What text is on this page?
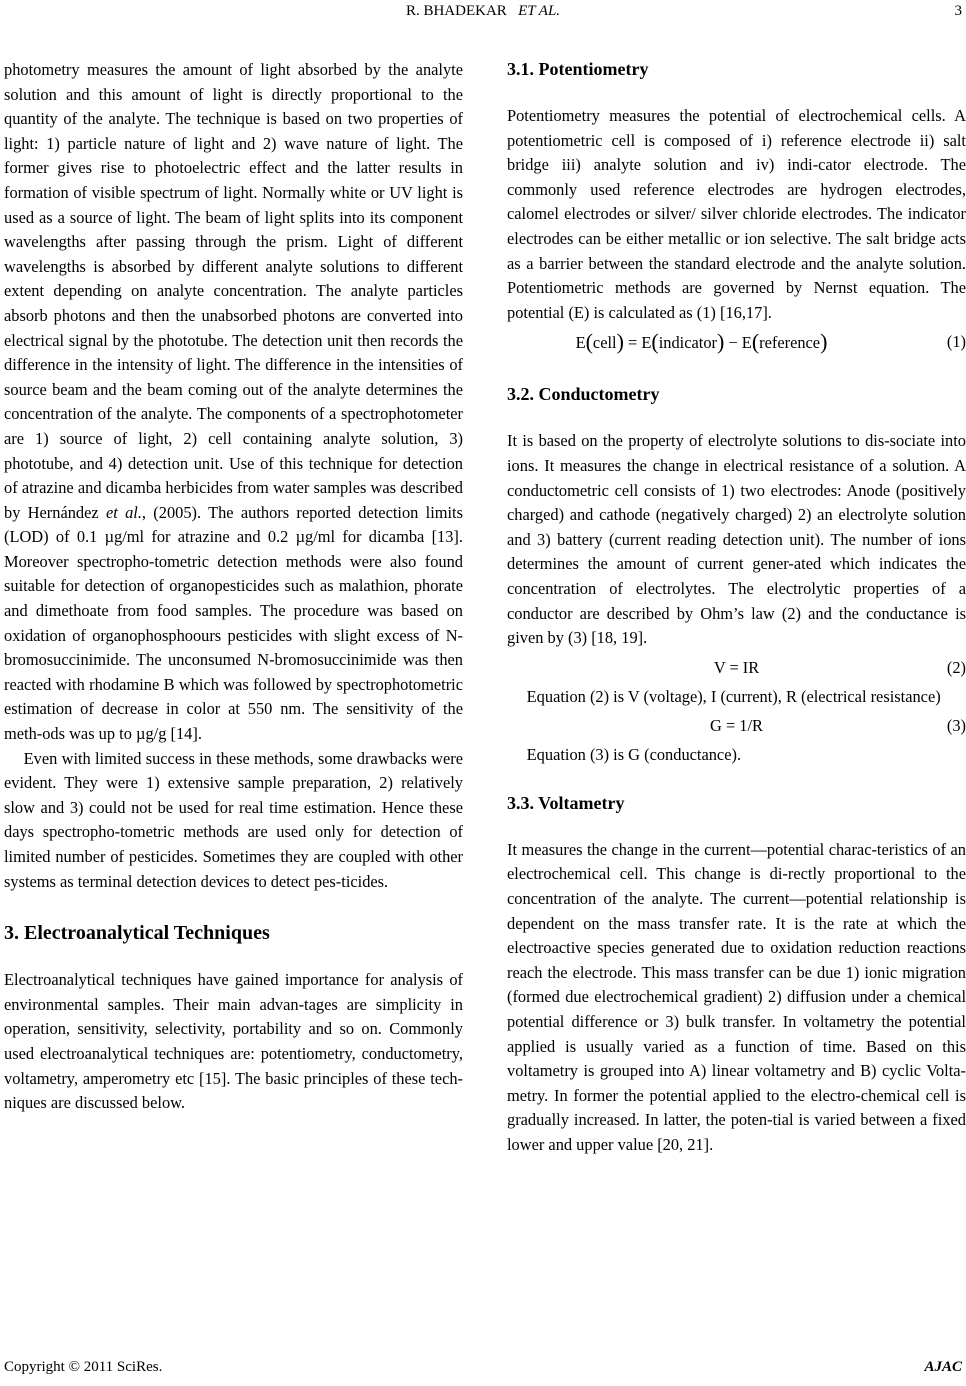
R. BHADEKAR ET AL.	3

photometry measures the amount of light absorbed by the analyte solution and this amount of light is directly proportional to the quantity of the analyte. The technique is based on two properties of light: 1) particle nature of light and 2) wave nature of light. The former gives rise to photoelectric effect and the latter results in formation of visible spectrum of light. Normally white or UV light is used as a source of light. The beam of light splits into its component wavelengths after passing through the prism. Light of different wavelengths is absorbed by different analyte solutions to different extent depending on analyte concentration. The analyte particles absorb photons and then the unabsorbed photons are converted into electrical signal by the phototube. The detection unit then records the difference in the intensity of light. The difference in the intensities of source beam and the beam coming out of the analyte determines the concentration of the analyte. The components of a spectrophotometer are 1) source of light, 2) cell containing analyte solution, 3) phototube, and 4) detection unit. Use of this technique for detection of atrazine and dicamba herbicides from water samples was described by Hernández et al., (2005). The authors reported detection limits (LOD) of 0.1 µg/ml for atrazine and 0.2 µg/ml for dicamba [13]. Moreover spectropho-tometric detection methods were also found suitable for detection of organopesticides such as malathion, phorate and dimethoate from food samples. The procedure was based on oxidation of organophosphoours pesticides with slight excess of N-bromosuccinimide. The unconsumed N-bromosuccinimide was then reacted with rhodamine B which was followed by spectrophotometric estimation of decrease in color at 550 nm. The sensitivity of the meth-ods was up to µg/g [14].

Even with limited success in these methods, some drawbacks were evident. They were 1) extensive sample preparation, 2) relatively slow and 3) could not be used for real time estimation. Hence these days spectropho-tometric methods are used only for detection of limited number of pesticides. Sometimes they are coupled with other systems as terminal detection devices to detect pes-ticides.

3. Electroanalytical Techniques

Electroanalytical techniques have gained importance for analysis of environmental samples. Their main advan-tages are simplicity in operation, sensitivity, selectivity, portability and so on. Commonly used electroanalytical techniques are: potentiometry, conductometry, voltametry, amperometry etc [15]. The basic principles of these tech-niques are discussed below.

3.1. Potentiometry

Potentiometry measures the potential of electrochemical cells. A potentiometric cell is composed of i) reference electrode ii) salt bridge iii) analyte solution and iv) indi-cator electrode. The commonly used reference electrodes are hydrogen electrodes, calomel electrodes or silver/ silver chloride electrodes. The indicator electrodes can be either metallic or ion selective. The salt bridge acts as a barrier between the standard electrode and the analyte solution. Potentiometric methods are governed by Nernst equation. The potential (E) is calculated as (1) [16,17].

E(cell) = E(indicator) − E(reference)	(1)
3.2. Conductometry

It is based on the property of electrolyte solutions to dis-sociate into ions. It measures the change in electrical resistance of a solution. A conductometric cell consists of 1) two electrodes: Anode (positively charged) and cathode (negatively charged) 2) an electrolyte solution and 3) battery (current reading detection unit). The number of ions determines the amount of current gener-ated which indicates the concentration of electrolytes. The electrolytic properties of a conductor are described by Ohm’s law (2) and the conductance is given by (3) [18, 19].

V = IR	(2)

Equation (2) is V (voltage), I (current), R (electrical resistance)

G = 1/R	(3)

Equation (3) is G (conductance).

3.3. Voltametry

It measures the change in the current—potential charac-teristics of an electrochemical cell. This change is di-rectly proportional to the concentration of the analyte. The current—potential relationship is dependent on the mass transfer rate. It is the rate at which the electroactive species generated due to oxidation reduction reactions reach the electrode. This mass transfer can be due 1) ionic migration (formed due electrochemical gradient) 2) diffusion under a chemical potential difference or 3) bulk transfer. In voltametry the potential applied is usually varied as a function of time. Based on this voltametry is grouped into A) linear voltametry and B) cyclic Volta-metry. In former the potential applied to the electro-chemical cell is gradually increased. In latter, the poten-tial is varied between a fixed lower and upper value [20, 21].

Copyright © 2011 SciRes.	AJAC
